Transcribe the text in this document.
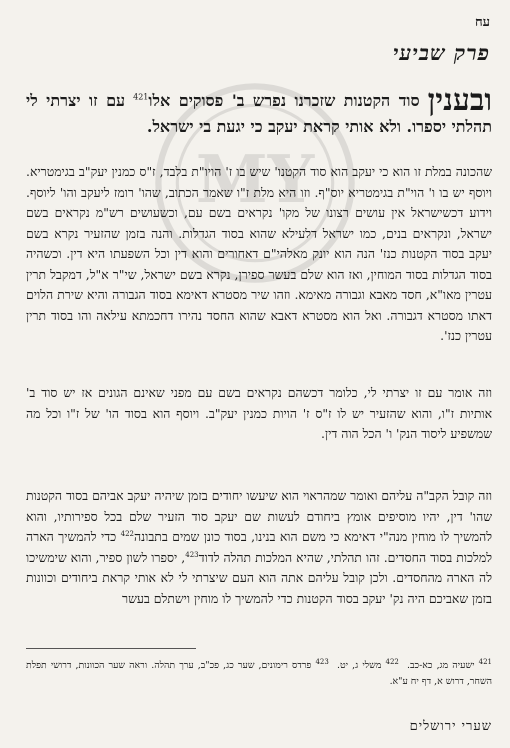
MY
עח
פרק שביעי
ובענין סוד הקטנות שזכרנו נפרש ב' פסוקים אלו$^{421}$ עם זו יצרתי לי תהלתי יספרו. ולא אותי קראת יעקב כי יגעת בי ישראל.
שהכונה במלת זו הוא כי יעקב הוא סוד הקטנו' שיש בו ז' הויו"ת בלבד, ז"ס כמנין יעק"ב בגימטריא. ויוסף יש בו ו' הוי"ת בגימטריא יוס"ף. וזו היא מלת ז"ו שאמר הכתוב, שהו' רומז ליעקב והו' ליוסף. וידוע דכשישראל אין עושים רצונו של מקו' נקראים בשם עם, וכשעושים רש"מ נקראים בשם ישראל, ונקראים בנים, כמו ישראל דלעילא שהוא בסוד הגדלות. והנה בזמן שהזעיר נקרא בשם יעקב בסוד הקטנות כנז' הנה הוא יונק מאלהי"ם דאחורים והוא דין וכל השפעתו היא דין. וכשהיה בסוד הגדלות בסוד המוחין, ואז הוא שלם בעשר ספירן, נקרא בשם ישראל, שי"ר א"ל, דמקבל תרין עטרין מאו"א, חסד מאבא וגבורה מאימא. וזהו שיר מסטרא דאימא בסוד הגבורה והיא שירת הלוים דאתו מסטרא דגבורה. ואל הוא מסטרא דאבא שהוא החסד נהירו דחכמתא עילאה והו בסוד תרין עטרין כנז'.
וזה אומר עם זו יצרתי לי, כלומר דכשהם נקראים בשם עם מפני שאינם הגונים אז יש סוד ב' אותיות ז"ו, והוא שהזעיר יש לו ז"ס ז' הויות כמנין יעק"ב. ויוסף הוא בסוד הו' של ז"ו וכל מה שמשפיע ליסוד הנק' ו' הכל הוה דין.
וזה קובל הקב"ה עליהם ואומר שמהראוי הוא שיעשו יחודים בזמן שיהיה יעקב אביהם בסוד הקטנות שהו' דין, יהיו מוסיפים אומץ ביחודם לעשות שם יעקב סוד הזעיר שלם בכל ספירותיו, והוא להמשיך לו מוחין מנה"י דאימא כי משם הוא בנינו, בסוד כונן שמים בתבונה$^{422}$ כדי להמשיך הארה למלכות בסוד החסדים. זהו תהלתי, שהיא המלכות תהלה לדוד$^{423}$, יספרו לשון ספיר, והוא שימשיכו לה הארה מהחסדים. ולכן קובל עליהם אתה הוא העם שיצרתי לי לא אותי קראת ביחודים וכוונות בזמן שאביכם היה נק' יעקב בסוד הקטנות כדי להמשיך לו מוחין וישתלם בעשר
$^{421}$ ישעיה מג, כא-כב.  $^{422}$ משלי ג, יט.  $^{423}$ פרדס רימונים, שער כג, פכ"ב, ערך תהלה. וראה שער הכוונות, דרושי תפלת השחר, דרוש א, דף יח ע"א.
שערי ירושלים
